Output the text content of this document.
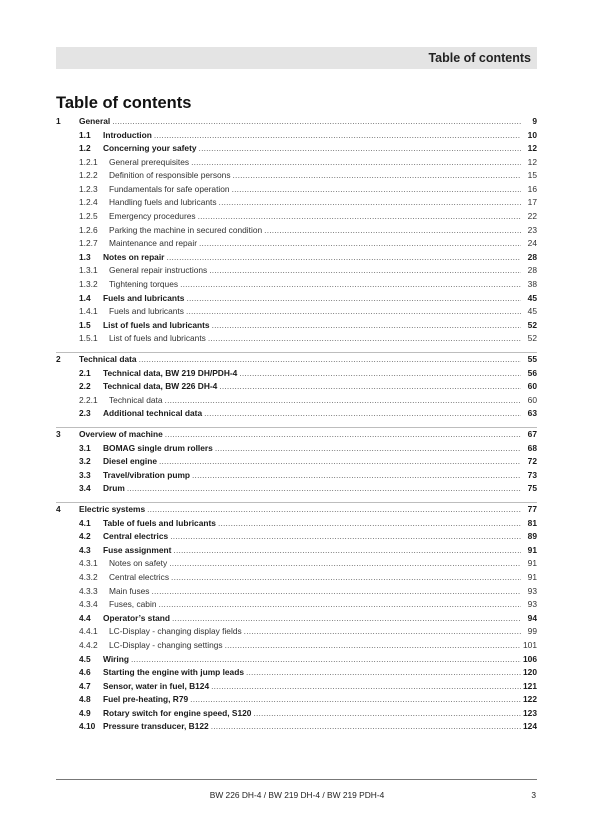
Table of contents
Table of contents
1 General .....	9
1.1 Introduction .....	10
1.2 Concerning your safety .....	12
1.2.1 General prerequisites .....	12
1.2.2 Definition of responsible persons .....	15
1.2.3 Fundamentals for safe operation .....	16
1.2.4 Handling fuels and lubricants .....	17
1.2.5 Emergency procedures .....	22
1.2.6 Parking the machine in secured condition .....	23
1.2.7 Maintenance and repair .....	24
1.3 Notes on repair .....	28
1.3.1 General repair instructions .....	28
1.3.2 Tightening torques .....	38
1.4 Fuels and lubricants .....	45
1.4.1 Fuels and lubricants .....	45
1.5 List of fuels and lubricants .....	52
1.5.1 List of fuels and lubricants .....	52
2 Technical data .....	55
2.1 Technical data, BW 219 DH/PDH-4 .....	56
2.2 Technical data, BW 226 DH-4 .....	60
2.2.1 Technical data .....	60
2.3 Additional technical data .....	63
3 Overview of machine .....	67
3.1 BOMAG single drum rollers .....	68
3.2 Diesel engine .....	72
3.3 Travel/vibration pump .....	73
3.4 Drum .....	75
4 Electric systems .....	77
4.1 Table of fuels and lubricants .....	81
4.2 Central electrics .....	89
4.3 Fuse assignment .....	91
4.3.1 Notes on safety .....	91
4.3.2 Central electrics .....	91
4.3.3 Main fuses .....	93
4.3.4 Fuses, cabin .....	93
4.4 Operator’s stand .....	94
4.4.1 LC-Display - changing display fields .....	99
4.4.2 LC-Display - changing settings .....	101
4.5 Wiring .....	106
4.6 Starting the engine with jump leads .....	120
4.7 Sensor, water in fuel, B124 .....	121
4.8 Fuel pre-heating, R79 .....	122
4.9 Rotary switch for engine speed, S120 .....	123
4.10 Pressure transducer, B122 .....	124
BW 226 DH-4 / BW 219 DH-4 / BW 219 PDH-4	3
